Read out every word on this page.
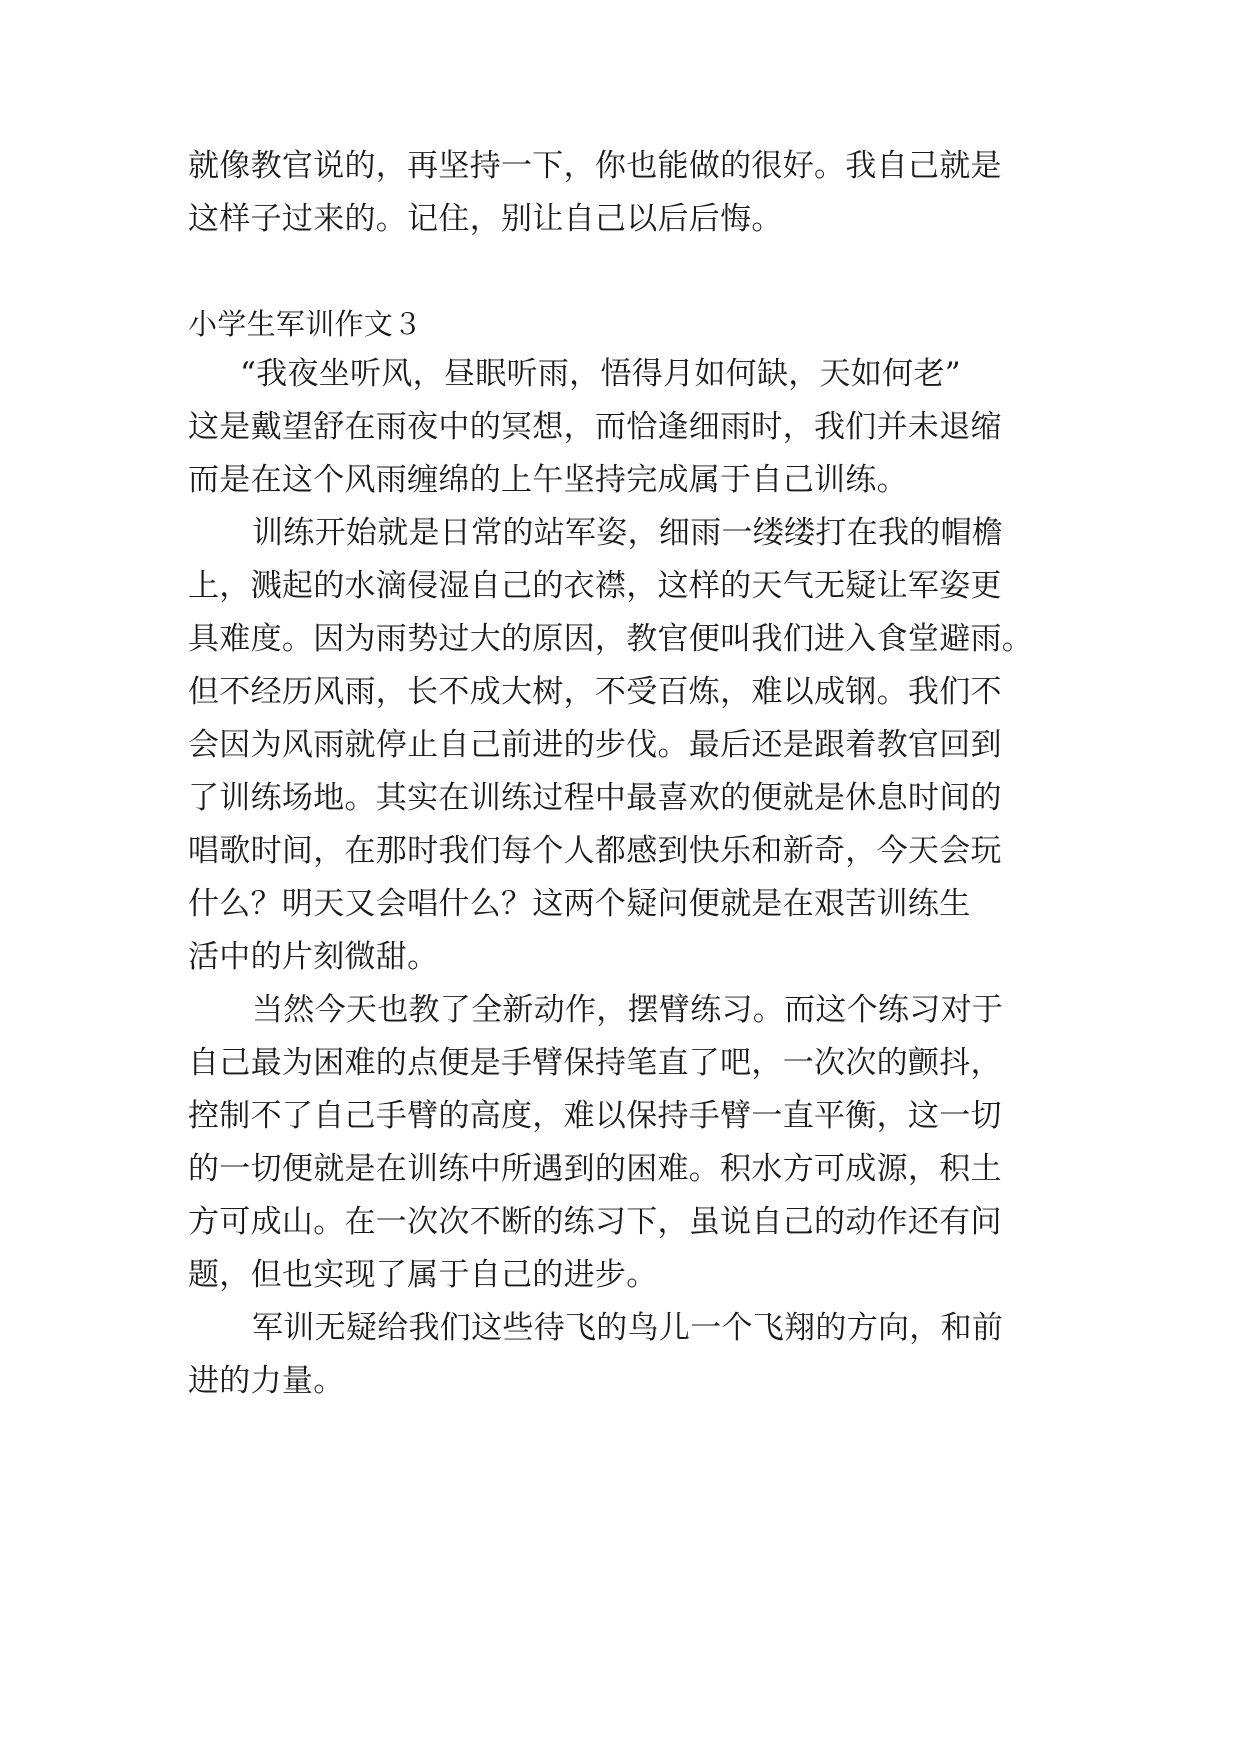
就像教官说的，再坚持一下，你也能做的很好。我自己就是
这样子过来的。记住，别让自己以后后悔。
小学生军训作文３
“我夜坐听风，昼眠听雨，悟得月如何缺，天如何老”
这是戴望舒在雨夜中的冥想，而恰逢细雨时，我们并未退缩
而是在这个风雨缠绵的上午坚持完成属于自己训练。
训练开始就是日常的站军姿，细雨一缕缕打在我的帽檐
上，溅起的水滴侵湿自己的衣襟，这样的天气无疑让军姿更
具难度。因为雨势过大的原因，教官便叫我们进入食堂避雨。
但不经历风雨，长不成大树，不受百炼，难以成钢。我们不
会因为风雨就停止自己前进的步伐。最后还是跟着教官回到
了训练场地。其实在训练过程中最喜欢的便就是休息时间的
唱歌时间，在那时我们每个人都感到快乐和新奇，今天会玩
什么？明天又会唱什么？这两个疑问便就是在艰苦训练生
活中的片刻微甜。
当然今天也教了全新动作，摆臂练习。而这个练习对于
自己最为困难的点便是手臂保持笔直了吧，一次次的颤抖，
控制不了自己手臂的高度，难以保持手臂一直平衡，这一切
的一切便就是在训练中所遇到的困难。积水方可成源，积土
方可成山。在一次次不断的练习下，虽说自己的动作还有问
题，但也实现了属于自己的进步。
军训无疑给我们这些待飞的鸟儿一个飞翔的方向，和前
进的力量。
